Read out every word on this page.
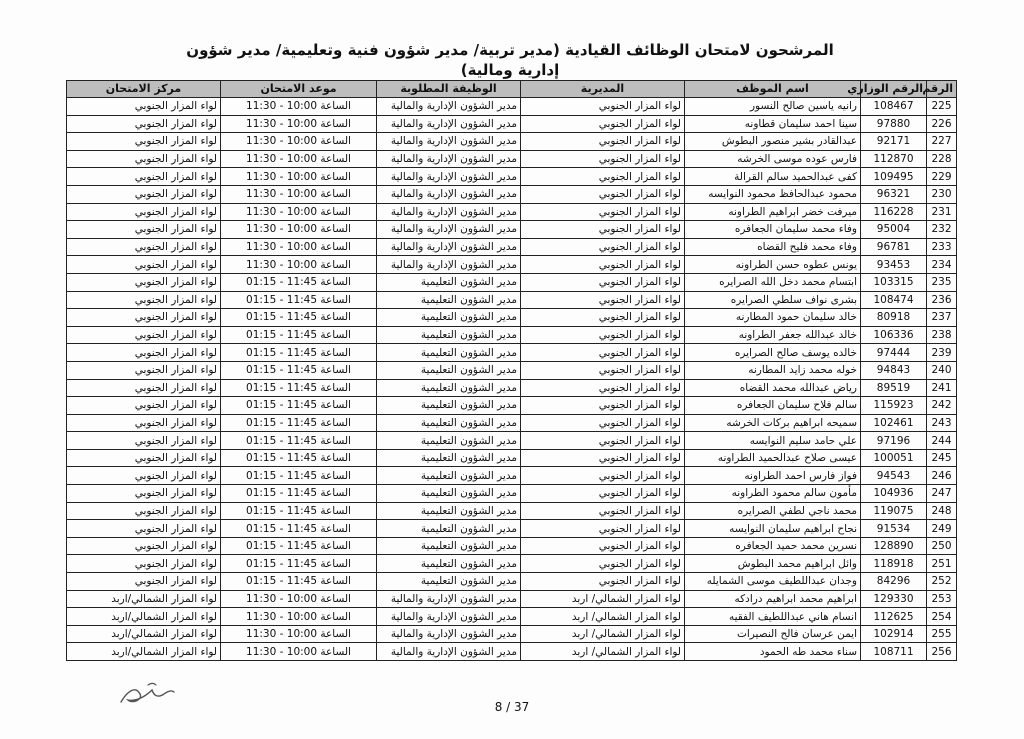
المرشحون لامتحان الوظائف القيادية (مدير تربية/ مدير شؤون فنية وتعليمية/ مدير شؤون إدارية ومالية)
الرقم	الرقم الوزاري	اسم الموظف	المديرية	الوظيفة المطلوبة	موعد الامتحان	مركز الامتحان
225	108467	رانيه ياسين صالح النسور	لواء المزار الجنوبي	مدير الشؤون الإدارية والمالية	الساعة 10:00 - 11:30	لواء المزار الجنوبي
226	97880	سينا احمد سليمان قطاونه	لواء المزار الجنوبي	مدير الشؤون الإدارية والمالية	الساعة 10:00 - 11:30	لواء المزار الجنوبي
227	92171	عبدالقادر بشير منصور البطوش	لواء المزار الجنوبي	مدير الشؤون الإدارية والمالية	الساعة 10:00 - 11:30	لواء المزار الجنوبي
228	112870	فارس عوده موسى الخرشه	لواء المزار الجنوبي	مدير الشؤون الإدارية والمالية	الساعة 10:00 - 11:30	لواء المزار الجنوبي
229	109495	كفى عبدالحميد سالم القرالة	لواء المزار الجنوبي	مدير الشؤون الإدارية والمالية	الساعة 10:00 - 11:30	لواء المزار الجنوبي
230	96321	محمود عبدالحافظ محمود النوايسه	لواء المزار الجنوبي	مدير الشؤون الإدارية والمالية	الساعة 10:00 - 11:30	لواء المزار الجنوبي
231	116228	ميرفت خضر ابراهيم الطراونه	لواء المزار الجنوبي	مدير الشؤون الإدارية والمالية	الساعة 10:00 - 11:30	لواء المزار الجنوبي
232	95004	وفاء محمد سليمان الجعافره	لواء المزار الجنوبي	مدير الشؤون الإدارية والمالية	الساعة 10:00 - 11:30	لواء المزار الجنوبي
233	96781	وفاء محمد فليح القضاه	لواء المزار الجنوبي	مدير الشؤون الإدارية والمالية	الساعة 10:00 - 11:30	لواء المزار الجنوبي
234	93453	يونس عطوه حسن الطراونه	لواء المزار الجنوبي	مدير الشؤون الإدارية والمالية	الساعة 10:00 - 11:30	لواء المزار الجنوبي
235	103315	ابتسام محمد دخل الله الصرايره	لواء المزار الجنوبي	مدير الشؤون التعليمية	الساعة 11:45 - 01:15	لواء المزار الجنوبي
236	108474	بشرى نواف سلطي الصرايره	لواء المزار الجنوبي	مدير الشؤون التعليمية	الساعة 11:45 - 01:15	لواء المزار الجنوبي
237	80918	خالد سليمان حمود المطارنه	لواء المزار الجنوبي	مدير الشؤون التعليمية	الساعة 11:45 - 01:15	لواء المزار الجنوبي
238	106336	خالد عبدالله جعفر الطراونه	لواء المزار الجنوبي	مدير الشؤون التعليمية	الساعة 11:45 - 01:15	لواء المزار الجنوبي
239	97444	خالده يوسف صالح الصرايره	لواء المزار الجنوبي	مدير الشؤون التعليمية	الساعة 11:45 - 01:15	لواء المزار الجنوبي
240	94843	خوله محمد زايد المطارنه	لواء المزار الجنوبي	مدير الشؤون التعليمية	الساعة 11:45 - 01:15	لواء المزار الجنوبي
241	89519	رياض عبدالله محمد القضاه	لواء المزار الجنوبي	مدير الشؤون التعليمية	الساعة 11:45 - 01:15	لواء المزار الجنوبي
242	115923	سالم فلاح سليمان الجعافره	لواء المزار الجنوبي	مدير الشؤون التعليمية	الساعة 11:45 - 01:15	لواء المزار الجنوبي
243	102461	سميحه ابراهيم بركات الخرشه	لواء المزار الجنوبي	مدير الشؤون التعليمية	الساعة 11:45 - 01:15	لواء المزار الجنوبي
244	97196	علي حامد سليم النوايسه	لواء المزار الجنوبي	مدير الشؤون التعليمية	الساعة 11:45 - 01:15	لواء المزار الجنوبي
245	100051	عيسى صلاح عبدالحميد الطراونه	لواء المزار الجنوبي	مدير الشؤون التعليمية	الساعة 11:45 - 01:15	لواء المزار الجنوبي
246	94543	فواز فارس احمد الطراونه	لواء المزار الجنوبي	مدير الشؤون التعليمية	الساعة 11:45 - 01:15	لواء المزار الجنوبي
247	104936	مأمون سالم محمود الطراونه	لواء المزار الجنوبي	مدير الشؤون التعليمية	الساعة 11:45 - 01:15	لواء المزار الجنوبي
248	119075	محمد ناجي لطفي الصرايره	لواء المزار الجنوبي	مدير الشؤون التعليمية	الساعة 11:45 - 01:15	لواء المزار الجنوبي
249	91534	نجاح ابراهيم سليمان النوايسه	لواء المزار الجنوبي	مدير الشؤون التعليمية	الساعة 11:45 - 01:15	لواء المزار الجنوبي
250	128890	نسرين محمد حميد الجعافره	لواء المزار الجنوبي	مدير الشؤون التعليمية	الساعة 11:45 - 01:15	لواء المزار الجنوبي
251	118918	وائل ابراهيم محمد البطوش	لواء المزار الجنوبي	مدير الشؤون التعليمية	الساعة 11:45 - 01:15	لواء المزار الجنوبي
252	84296	وجدان عبداللطيف موسى الشمايله	لواء المزار الجنوبي	مدير الشؤون التعليمية	الساعة 11:45 - 01:15	لواء المزار الجنوبي
253	129330	ابراهيم محمد ابراهيم درادكه	لواء المزار الشمالي/ اربد	مدير الشؤون الإدارية والمالية	الساعة 10:00 - 11:30	لواء المزار الشمالي/اربد
254	112625	انسام هاني عبداللطيف الفقيه	لواء المزار الشمالي/ اربد	مدير الشؤون الإدارية والمالية	الساعة 10:00 - 11:30	لواء المزار الشمالي/اربد
255	102914	ايمن عرسان فالح النصيرات	لواء المزار الشمالي/ اربد	مدير الشؤون الإدارية والمالية	الساعة 10:00 - 11:30	لواء المزار الشمالي/اربد
256	108711	سناء محمد طه الحمود	لواء المزار الشمالي/ اربد	مدير الشؤون الإدارية والمالية	الساعة 10:00 - 11:30	لواء المزار الشمالي/اربد
8 / 37
